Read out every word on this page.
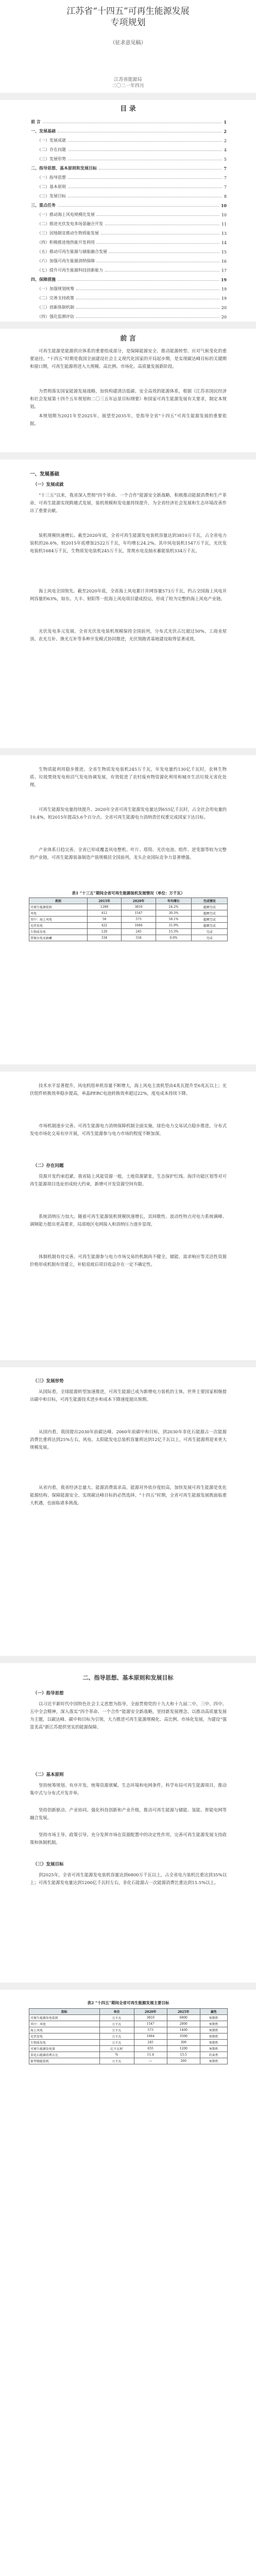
江苏省“十四五”可再生能源发展
专项规划
（征求意见稿）
江苏省能源局
二〇二一年四月
目 录
前 言	1
一、发展基础	2
（一）发展成就	2
（二）存在问题	4
（三）发展形势	5
二、指导思想、基本原则和发展目标	7
（一）指导思想	7
（二）基本原则	7
（三）发展目标	8
三、重点任务	10
（一）推动海上风电规模化发展	10
（二）推进光伏发电多场景融合开发	11
（三）因地制宜推动生物质能发展	13
（四）积极推进地热能开发利用	14
（五）推动可再生能源与储能融合发展	15
（六）加强可再生能源消纳保障	16
（七）提升可再生能源科技创新能力	17
四、保障措施	19
（一）加强规划统筹	19
（二）完善支持政策	19
（三）创新体制机制	20
（四）强化监测评估	20
前 言
可再生能源是能源供应体系的重要组成部分，是保障能源安全、推动能源转型、应对气候变化的重要途径。“十四五”时期是我国全面建设社会主义现代化国家的开局起步期，是实现碳达峰目标的关键期和窗口期，可再生能源将进入大规模、高比例、市场化、高质量发展新阶段。
为贯彻落实国家能源发展战略，加快构建清洁低碳、安全高效的能源体系，根据《江苏省国民经济和社会发展第十四个五年规划和二〇三五年远景目标纲要》和国家可再生能源发展有关要求，制定本规划。
本规划期为2021年至2025年，展望至2035年，是指导全省“十四五”可再生能源发展的重要依据。
一、发展基础
（一）发展成就
“十三五”以来，我省深入贯彻“四个革命、一个合作”能源安全新战略，积极推动能源消费和生产革命，可再生能源实现跨越式发展，装机规模和发电量持续提升，为全省经济社会发展和生态环境改善作出了重要贡献。
装机规模快速增长。截至2020年底，全省可再生能源发电装机容量达到3810万千瓦，占全省电力装机的26.6%，较2015年底增加2522万千瓦，年均增长24.2%。其中风电装机1547万千瓦，光伏发电装机1684万千瓦，生物质发电装机245万千瓦，常规水电及抽水蓄能装机334万千瓦。
海上风电全国领先。截至2020年底，全省海上风电累计并网容量573万千瓦，约占全国海上风电并网容量的63%，如东、大丰、射阳等一批海上风电项目建成投运，形成了较为完整的海上风电产业链。
光伏发电多元发展。全省光伏发电装机规模保持全国前列，分布式光伏占比超过50%，工商业屋顶、农光互补、渔光互补等多种开发模式协同推进，光伏领跑者基地建设取得显著成效。
生物质能利用稳步推进。全省生物质发电装机245万千瓦，年发电量约130亿千瓦时，农林生物质、垃圾焚烧发电和沼气发电协调发展，有效促进了农村废弃物资源化利用和城市生活垃圾无害化处理。
可再生能源发电量持续提升。2020年全省可再生能源发电量达到655亿千瓦时，占全社会用电量的10.4%，较2015年提高5.6个百分点。全省可再生能源电力消纳责任权重完成国家下达目标。
产业体系日趋完善。全省已形成覆盖风电整机、叶片、塔筒、光伏电池、组件、逆变器等较为完整的产业链，可再生能源装备制造产值规模居全国前列，龙头企业国际竞争力显著增强。
表1 “十三五”期间全省可再生能源装机发展情况（单位：万千瓦）
类别	2015年	2020年	年均增长	完成情况
可再生能源装机	1288	3810	24.2%	超额完成
风电	412	1547	30.3%	超额完成
其中：海上风电	58	573	58.1%	超额完成
光伏发电	422	1684	31.9%	超额完成
生物质发电	120	245	15.3%	完成
常规水电及抽蓄	334	334	0.0%	完成
技术水平显著提升。风电机组单机容量不断增大，海上风电主流机型由4兆瓦提升至6兆瓦以上；光伏组件转换效率稳步提高，单晶PERC电池转换效率超过22%，度电成本持续下降。
市场机制逐步完善。可再生能源电力消纳保障机制全面实施，绿色电力交易试点稳步推进，分布式发电市场化交易有序开展，可再生能源参与电力市场的程度不断加深。
（二）存在问题
资源开发约束趋紧。我省陆上风能资源一般，土地资源紧张，生态保护红线、海洋功能区划等对可再生能源项目选址形成较大约束，新增可开发资源空间有限。
系统消纳压力加大。随着可再生能源装机规模快速增长，其间歇性、波动性特点对电力系统调峰、调频能力提出更高要求，局部地区电网接入和消纳压力逐步显现。
体制机制有待完善。可再生能源参与电力市场交易的机制尚不健全，储能、需求响应等灵活性资源价格形成机制有待建立，补贴退坡后项目收益存在一定不确定性。
（三）发展形势
从国际看，全球能源转型加速推进，可再生能源已成为新增电力装机的主体，世界主要国家相继提出碳中和目标，可再生能源技术进步和成本下降速度超出预期。
从国内看，我国提出2030年前碳达峰、2060年前碳中和目标，到2030年非化石能源占一次能源消费比重将达到25%左右，风电、太阳能发电总装机容量将达到12亿千瓦以上，可再生能源将迎来更大规模发展。
从省内看，我省经济总量大、能源消费需求高，能源对外依存度较高，加快发展可再生能源是优化能源结构、保障能源安全、实现碳达峰目标的必然选择。“十四五”时期，全省可再生能源发展既面临重大机遇，也面临诸多挑战。
二、指导思想、基本原则和发展目标
（一）指导思想
以习近平新时代中国特色社会主义思想为指导，全面贯彻党的十九大和十九届二中、三中、四中、五中全会精神，深入落实“四个革命、一个合作”能源安全新战略，坚持新发展理念，以推动高质量发展为主题，以碳达峰、碳中和目标为引领，大力推进可再生能源规模化、高比例、市场化发展，为建设“强富美高”新江苏提供坚实的能源保障。
（二）基本原则
坚持统筹规划、有序开发。统筹资源禀赋、生态环境和电网条件，科学布局可再生能源项目，推动集中式与分布式开发并举。
坚持创新驱动、产业协同。强化科技创新和产业升级，推动可再生能源与储能、氢能、智能电网等融合发展。
坚持市场主导、政策引导。充分发挥市场在资源配置中的决定性作用，完善可再生能源发展支持政策和体制机制。
（三）发展目标
到2025年，全省可再生能源发电装机容量达到6800万千瓦以上，占全省电力装机比重达到35%以上；可再生能源发电量达到1200亿千瓦时左右，非化石能源占一次能源消费比重达到15.5%以上。
表2 “十四五”期间全省可再生能源发展主要目标
指标	单位	2020年	2025年	属性
可再生能源发电装机	万千瓦	3810	6800	预期性
其中：风电	万千瓦	1547	2800	预期性
海上风电	万千瓦	573	1400	预期性
光伏发电	万千瓦	1684	3500	预期性
生物质发电	万千瓦	245	300	预期性
可再生能源发电量	亿千瓦时	655	1200	预期性
非化石能源消费占比	%	11.4	15.5	约束性
新型储能装机	万千瓦	—	260	预期性
